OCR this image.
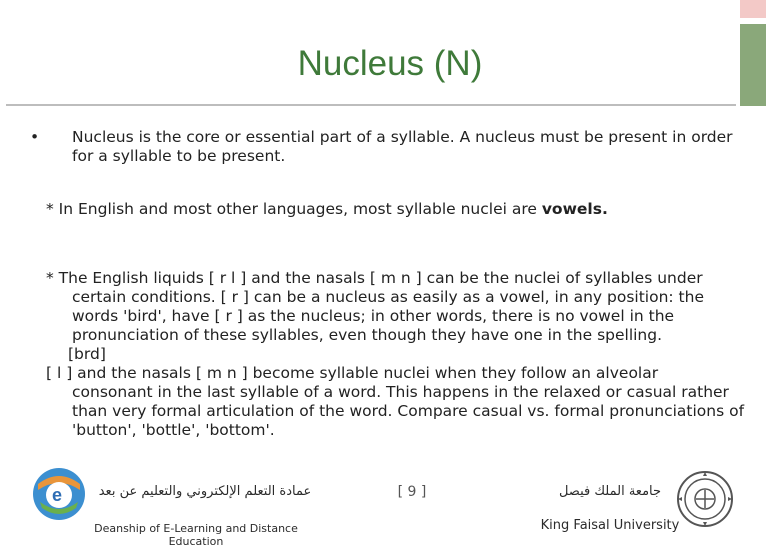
Nucleus (N)
• Nucleus is the core or essential part of a syllable. A nucleus must be present in order for a syllable to be present.
* In English and most other languages, most syllable nuclei are vowels.
* The English liquids [ r l ] and the nasals [ m n ] can be the nuclei of syllables under
certain conditions. [ r ] can be a nucleus as easily as a vowel, in any position: the words 'bird', have [ r ] as the nucleus; in other words, there is no vowel in the pronunciation of these syllables, even though they have one in the spelling.
[brd]
[ l ] and the nasals [ m n ] become syllable nuclei when they follow an alveolar
consonant in the last syllable of a word. This happens in the relaxed or casual rather than very formal articulation of the word. Compare casual vs. formal pronunciations of 'button', 'bottle', 'bottom'.
e	عمادة التعلم الإلكتروني والتعليم عن بعد
Deanship of E-Learning and Distance Education
[ 9 ]	جامعة الملك فيصل
King Faisal University
